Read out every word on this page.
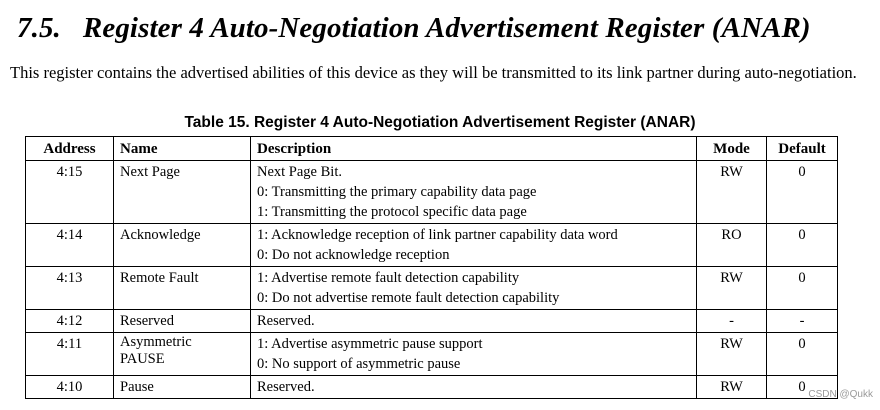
7.5. Register 4 Auto-Negotiation Advertisement Register (ANAR)
This register contains the advertised abilities of this device as they will be transmitted to its link partner during auto-negotiation.
Table 15. Register 4 Auto-Negotiation Advertisement Register (ANAR)
Address	Name	Description	Mode	Default
4:15	Next Page	Next Page Bit.
0: Transmitting the primary capability data page
1: Transmitting the protocol specific data page	RW	0
4:14	Acknowledge	1: Acknowledge reception of link partner capability data word
0: Do not acknowledge reception	RO	0
4:13	Remote Fault	1: Advertise remote fault detection capability
0: Do not advertise remote fault detection capability	RW	0
4:12	Reserved	Reserved.	-	-
4:11	Asymmetric
PAUSE	1: Advertise asymmetric pause support
0: No support of asymmetric pause	RW	0
4:10	Pause	Reserved.	RW	0 CSDN @Qukk
